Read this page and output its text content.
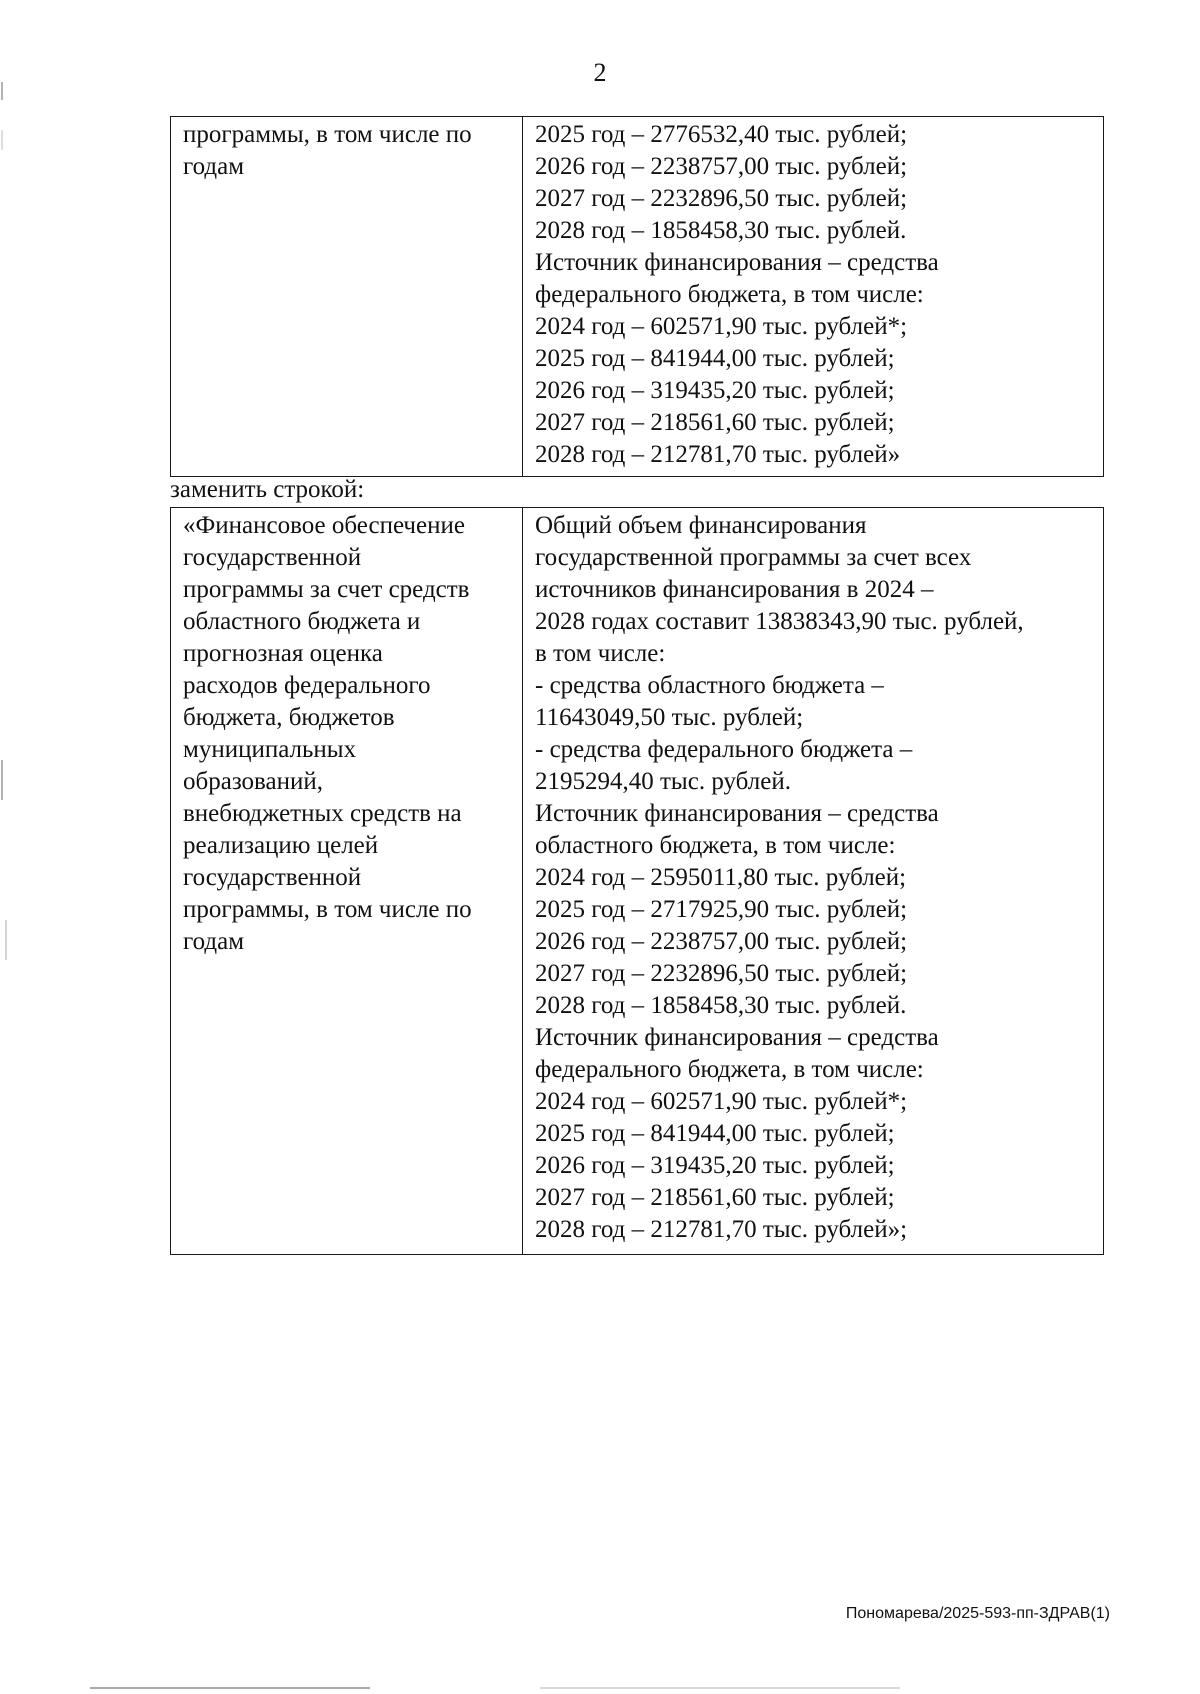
2
программы, в том числе по
годам
2025 год – 2776532,40 тыс. рублей;
2026 год – 2238757,00 тыс. рублей;
2027 год – 2232896,50 тыс. рублей;
2028 год – 1858458,30 тыс. рублей.
Источник финансирования – средства
федерального бюджета, в том числе:
2024 год – 602571,90 тыс. рублей*;
2025 год – 841944,00 тыс. рублей;
2026 год – 319435,20 тыс. рублей;
2027 год – 218561,60 тыс. рублей;
2028 год – 212781,70 тыс. рублей»
заменить строкой:
«Финансовое обеспечение
государственной
программы за счет средств
областного бюджета и
прогнозная оценка
расходов федерального
бюджета, бюджетов
муниципальных
образований,
внебюджетных средств на
реализацию целей
государственной
программы, в том числе по
годам
Общий объем финансирования
государственной программы за счет всех
источников финансирования в 2024 –
2028 годах составит 13838343,90 тыс. рублей,
в том числе:
- средства областного бюджета –
11643049,50 тыс. рублей;
- средства федерального бюджета –
2195294,40 тыс. рублей.
Источник финансирования – средства
областного бюджета, в том числе:
2024 год – 2595011,80 тыс. рублей;
2025 год – 2717925,90 тыс. рублей;
2026 год – 2238757,00 тыс. рублей;
2027 год – 2232896,50 тыс. рублей;
2028 год – 1858458,30 тыс. рублей.
Источник финансирования – средства
федерального бюджета, в том числе:
2024 год – 602571,90 тыс. рублей*;
2025 год – 841944,00 тыс. рублей;
2026 год – 319435,20 тыс. рублей;
2027 год – 218561,60 тыс. рублей;
2028 год – 212781,70 тыс. рублей»;
Пономарева/2025-593-пп-ЗДРАВ(1)
